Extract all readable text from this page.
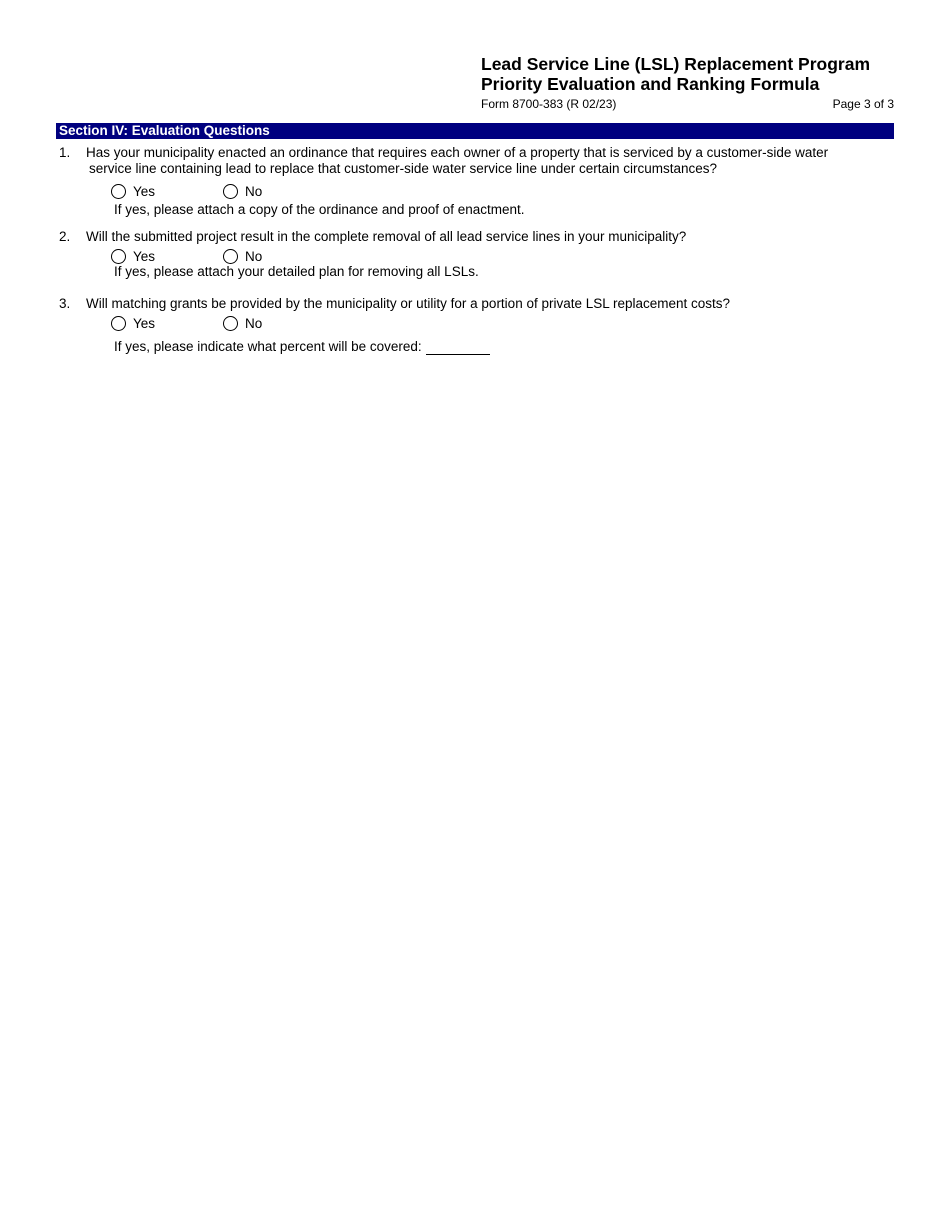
Lead Service Line (LSL) Replacement Program
Priority Evaluation and Ranking Formula
Form 8700-383 (R 02/23)	Page 3 of 3
Section IV: Evaluation Questions
1. Has your municipality enacted an ordinance that requires each owner of a property that is serviced by a customer-side water
service line containing lead to replace that customer-side water service line under certain circumstances?
Yes	No
If yes, please attach a copy of the ordinance and proof of enactment.
2. Will the submitted project result in the complete removal of all lead service lines in your municipality?
Yes	No
If yes, please attach your detailed plan for removing all LSLs.
3. Will matching grants be provided by the municipality or utility for a portion of private LSL replacement costs?
Yes	No
If yes, please indicate what percent will be covered:
